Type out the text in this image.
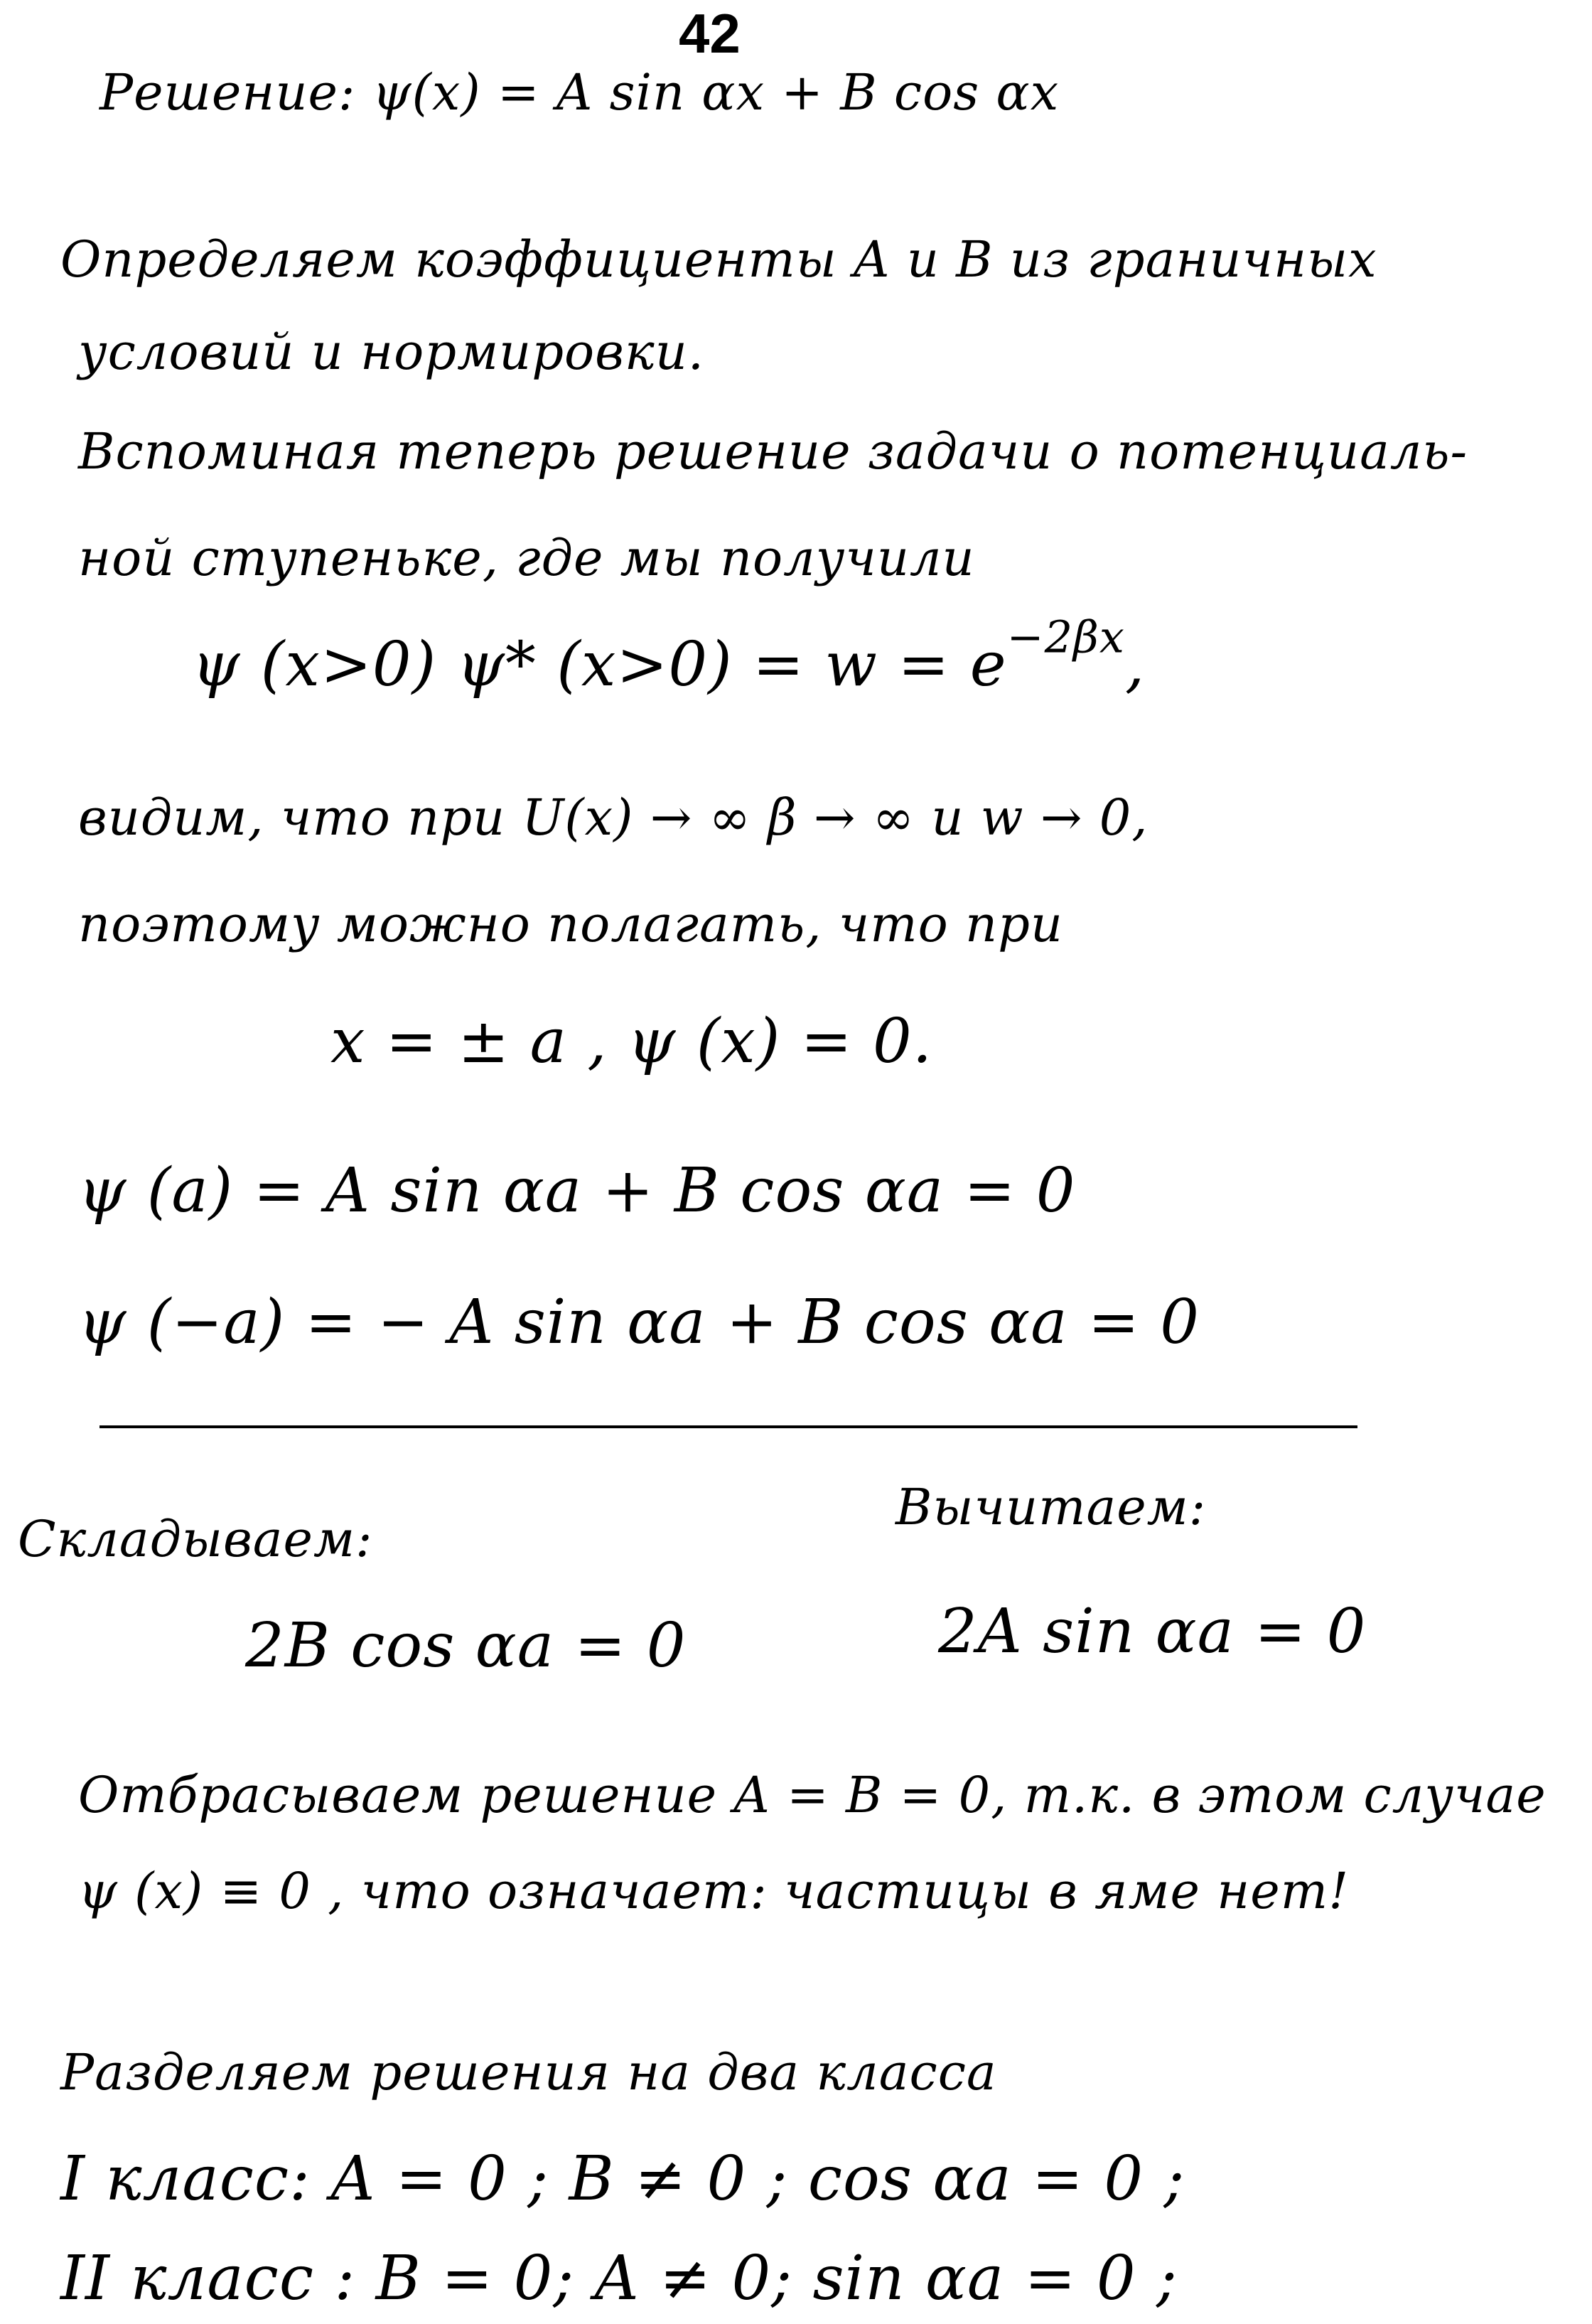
42
Решение: ψ(x) = A sin αx + B cos αx
Определяем коэффициенты A и B из граничных
условий и нормировки.
Вспоминая теперь решение задачи о потенциаль-
ной ступеньке, где мы получили
ψ (x>0) ψ* $(x>0) = w = e^{-2\beta x}$,
видим, что при U(x) → ∞ β → ∞ и w → 0,
поэтому можно полагать, что при
x = ± a , ψ (x) = 0.
ψ (a) = A sin αa + B cos αa = 0
ψ (−a) = − A sin αa + B cos αa = 0
Складываем:
2B cos αa = 0
Вычитаем:
2A sin αa = 0
Отбрасываем решение A = B = 0, т.к. в этом случае
ψ (x) ≡ 0 , что означает: частицы в яме нет!
Разделяем решения на два класса
I класс: A = 0 ; B ≠ 0 ; cos αa = 0 ;
II класс : B = 0; A ≠ 0; sin αa = 0 ;
